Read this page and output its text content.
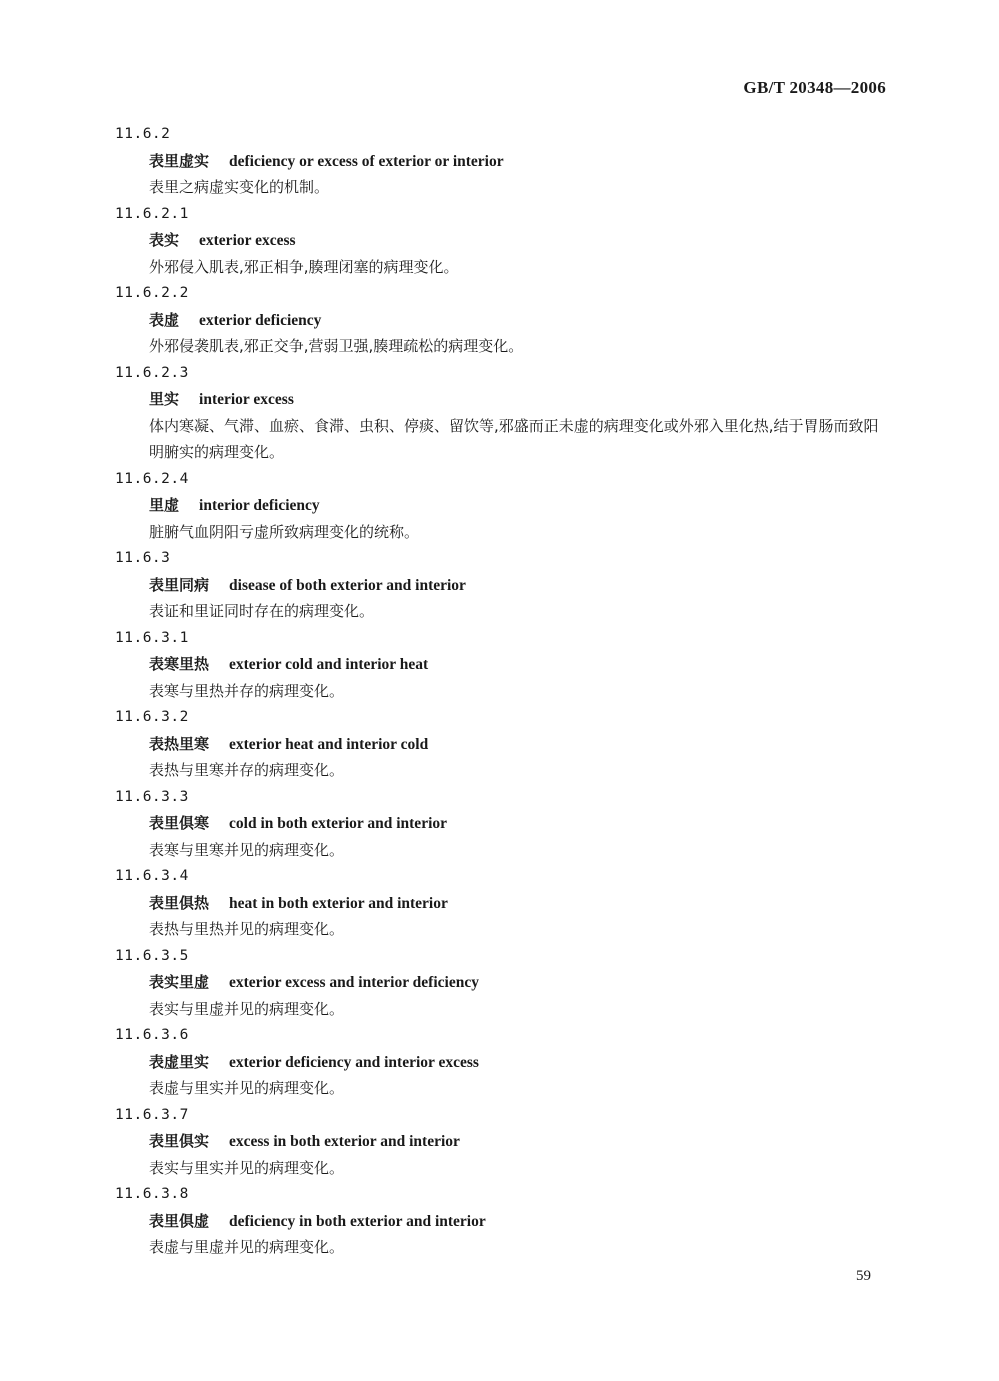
GB/T 20348—2006
11.6.2
表里虚实 deficiency or excess of exterior or interior
表里之病虚实变化的机制。
11.6.2.1
表实 exterior excess
外邪侵入肌表,邪正相争,腠理闭塞的病理变化。
11.6.2.2
表虚 exterior deficiency
外邪侵袭肌表,邪正交争,营弱卫强,腠理疏松的病理变化。
11.6.2.3
里实 interior excess
体内寒凝、气滞、血瘀、食滞、虫积、停痰、留饮等,邪盛而正未虚的病理变化或外邪入里化热,结于胃肠而致阳明腑实的病理变化。
11.6.2.4
里虚 interior deficiency
脏腑气血阴阳亏虚所致病理变化的统称。
11.6.3
表里同病 disease of both exterior and interior
表证和里证同时存在的病理变化。
11.6.3.1
表寒里热 exterior cold and interior heat
表寒与里热并存的病理变化。
11.6.3.2
表热里寒 exterior heat and interior cold
表热与里寒并存的病理变化。
11.6.3.3
表里俱寒 cold in both exterior and interior
表寒与里寒并见的病理变化。
11.6.3.4
表里俱热 heat in both exterior and interior
表热与里热并见的病理变化。
11.6.3.5
表实里虚 exterior excess and interior deficiency
表实与里虚并见的病理变化。
11.6.3.6
表虚里实 exterior deficiency and interior excess
表虚与里实并见的病理变化。
11.6.3.7
表里俱实 excess in both exterior and interior
表实与里实并见的病理变化。
11.6.3.8
表里俱虚 deficiency in both exterior and interior
表虚与里虚并见的病理变化。
59
